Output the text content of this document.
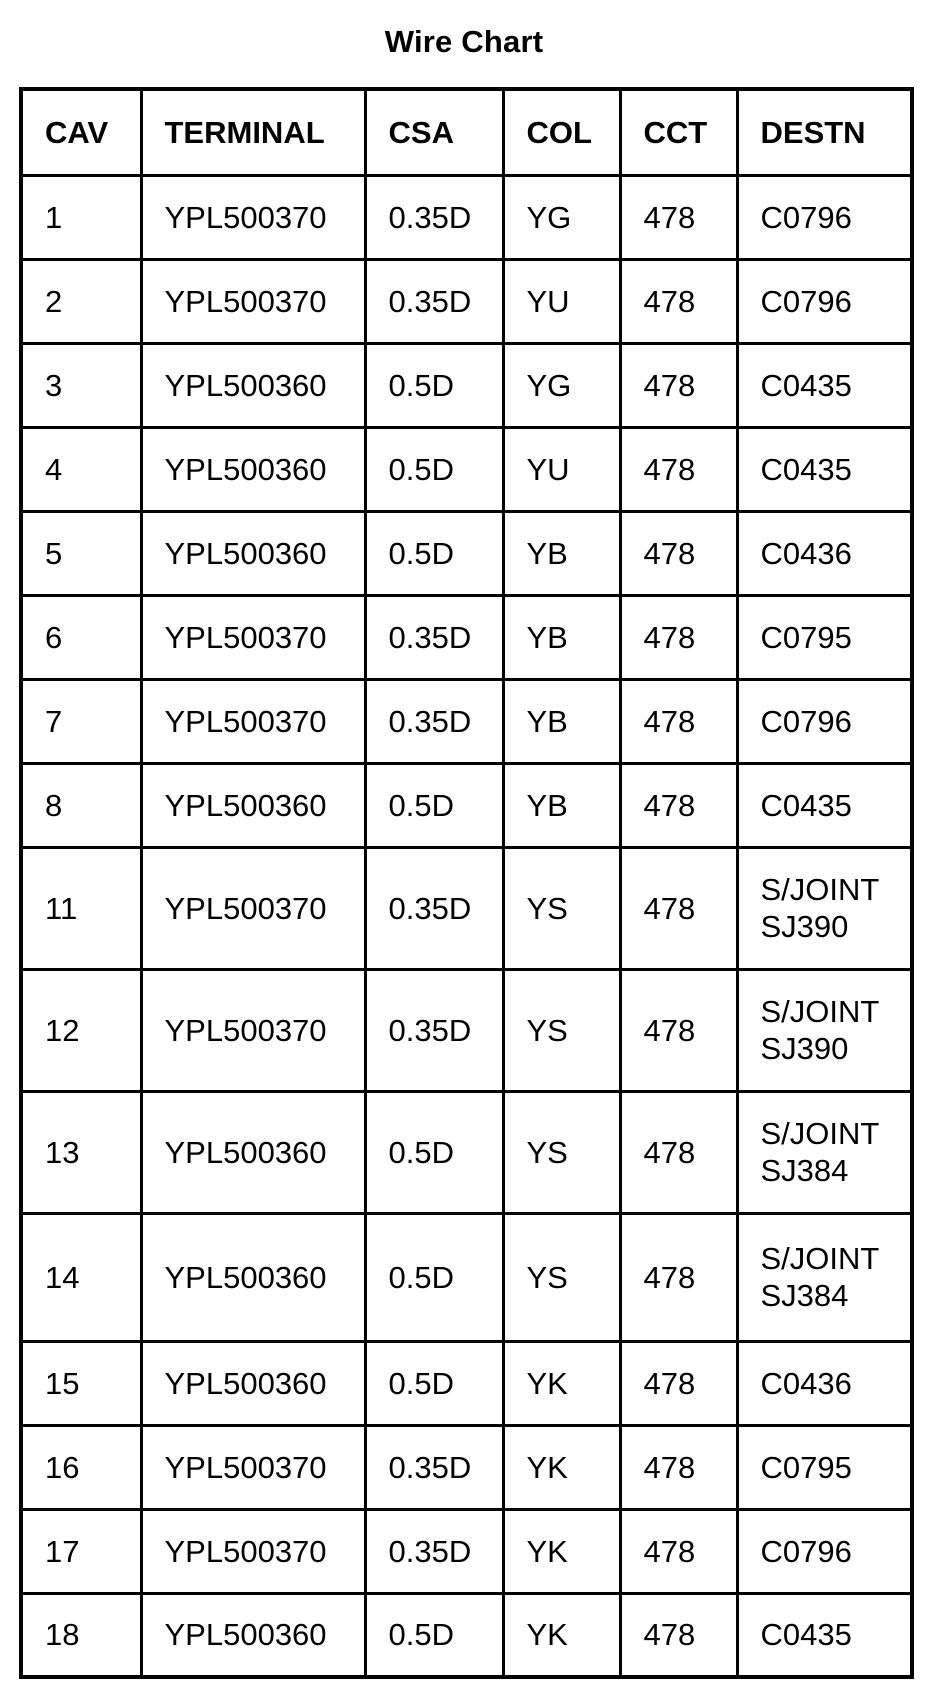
Wire Chart
CAV	TERMINAL	CSA	COL	CCT	DESTN
1	YPL500370	0.35D	YG	478	C0796

2	YPL500370	0.35D	YU	478	C0796

3	YPL500360	0.5D	YG	478	C0435

4	YPL500360	0.5D	YU	478	C0435

5	YPL500360	0.5D	YB	478	C0436

6	YPL500370	0.35D	YB	478	C0795

7	YPL500370	0.35D	YB	478	C0796

8	YPL500360	0.5D	YB	478	C0435

11	YPL500370	0.35D	YS	478	S/JOINT
SJ390

12	YPL500370	0.35D	YS	478	S/JOINT
SJ390

13	YPL500360	0.5D	YS	478	S/JOINT
SJ384

14	YPL500360	0.5D	YS	478	S/JOINT
SJ384

15	YPL500360	0.5D	YK	478	C0436

16	YPL500370	0.35D	YK	478	C0795

17	YPL500370	0.35D	YK	478	C0796

18	YPL500360	0.5D	YK	478	C0435
